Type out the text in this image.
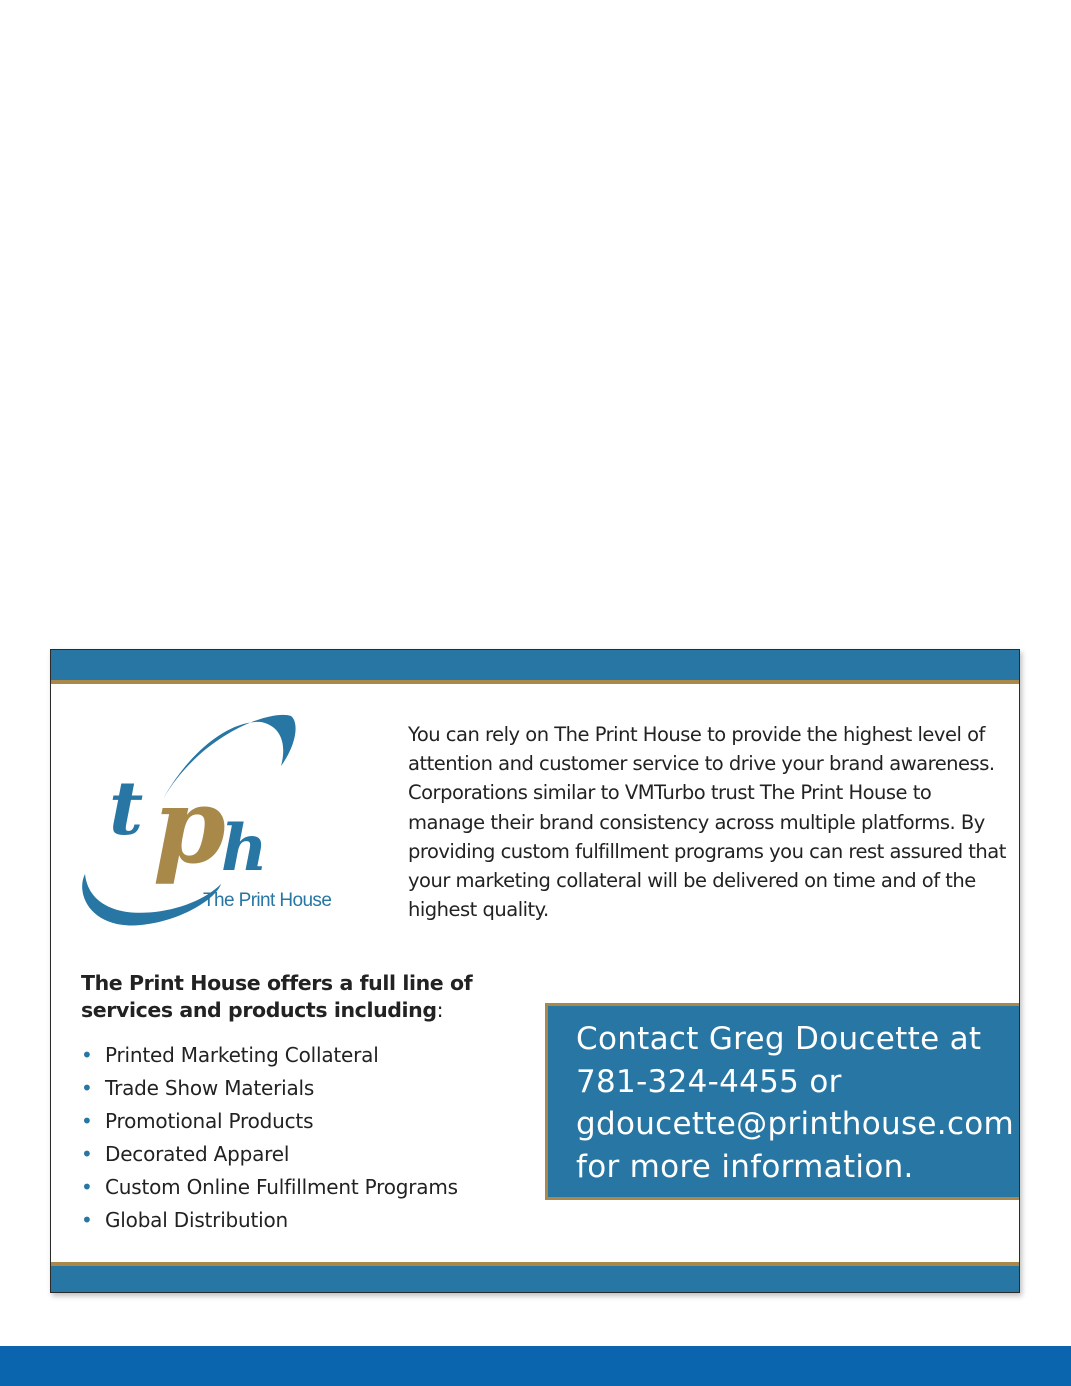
t p
h
The Print House

You can rely on The Print House to provide the highest level of attention and customer service to drive your brand awareness. Corporations similar to VMTurbo trust The Print House to manage their brand consistency across multiple platforms. By providing custom fulfillment programs you can rest assured that your marketing collateral will be delivered on time and of the highest quality.

The Print House offers a full line of services and products including:
• Printed Marketing Collateral
• Trade Show Materials
• Promotional Products
• Decorated Apparel
• Custom Online Fulfillment Programs
• Global Distribution

Contact Greg Doucette at

781-324-4455 or

gdoucette@printhouse.com

for more information.
